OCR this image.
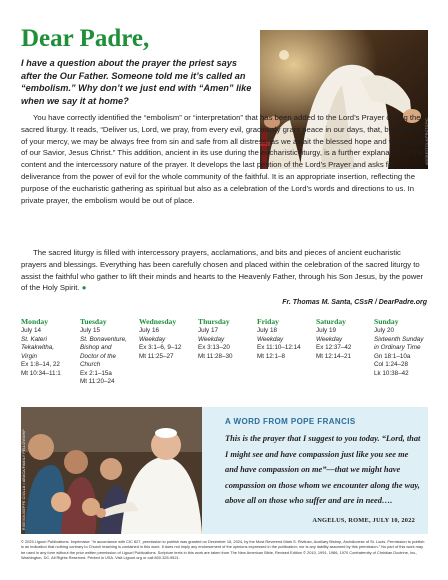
Dear Padre,

I have a question about the prayer the priest says after the Our Father. Someone told me it’s called an “embolism.” Why don’t we just end with “Amen” like when we say it at home?

ADOBESTOCK/FROTOPIC

You have correctly identified the “embolism” or “interpretation” that has been added to the Lord’s Prayer during the sacred liturgy. It reads, “Deliver us, Lord, we pray, from every evil, graciously grant peace in our days, that, by the help of your mercy, we may be always free from sin and safe from all distress, as we await the blessed hope and the coming of our Savior, Jesus Christ.” This addition, ancient in its use during the eucharistic liturgy, is a further explanation of the content and the intercessory nature of the prayer. It develops the last petition of the Lord’s Prayer and asks for deliverance from the power of evil for the whole community of the faithful. It is an appropriate insertion, reflecting the purpose of the eucharistic gathering as spiritual but also as a celebration of the Lord’s words and directions to us. In private prayer, the embolism would be out of place.

The sacred liturgy is filled with intercessory prayers, acclamations, and bits and pieces of ancient eucharistic prayers and blessings. Everything has been carefully chosen and placed within the celebration of the sacred liturgy to assist the faithful who gather to lift their minds and hearts to the Heavenly Father, through his Son Jesus, by the power of the Holy Spirit. ●

Fr. Thomas M. Santa, CSsR / DearPadre.org
Monday
July 14
St. Kateri
Tekakwitha,
Virgin
Ex 1:8–14, 22
Mt 10:34–11:1
Tuesday
July 15
St. Bonaventure,
Bishop and
Doctor of the
Church
Ex 2:1–15a
Mt 11:20–24
Wednesday
July 16
Weekday
Ex 3:1–6, 9–12
Mt 11:25–27
Thursday
July 17
Weekday
Ex 3:13–20
Mt 11:28–30
Friday
July 18
Weekday
Ex 11:10–12:14
Mt 12:1–8
Saturday
July 19
Weekday
Ex 12:37–42
Mt 12:14–21
Sunday
July 20
Sixteenth Sunday
in Ordinary Time
Gn 18:1–10a
Col 1:24–28
Lk 10:38–42
RISE/GIUSEPPE CIOLLA • ABACA/FAMILY FELLOWSHIP
A WORD FROM POPE FRANCIS

This is the prayer that I suggest to you today. “Lord, that I might see and have compassion just like you see me and have compassion on me”—that we might have compassion on those whom we encounter along the way, above all on those who suffer and are in need….

ANGELUS, ROME, JULY 10, 2022

© 2025 Liguori Publications. Imprimatur: “In accordance with CIC 827, permission to publish was granted on December 16, 2024, by the Most Reverend Mark S. Rivituso, Auxiliary Bishop, Archdiocese of St. Louis. Permission to publish is an indication that nothing contrary to Church teaching is contained in this work. It does not imply any endorsement of the opinions expressed in the publication; nor is any liability assumed by this permission.” No part of this work may be used in any form without the prior written permission of Liguori Publications. Scripture texts in this work are taken from The New American Bible, Revised Edition © 2010, 1991, 1986, 1970 Confraternity of Christian Doctrine, Inc., Washington, DC. All Rights Reserved. Printed in USA. Visit Liguori.org or call 800-325-9521.
